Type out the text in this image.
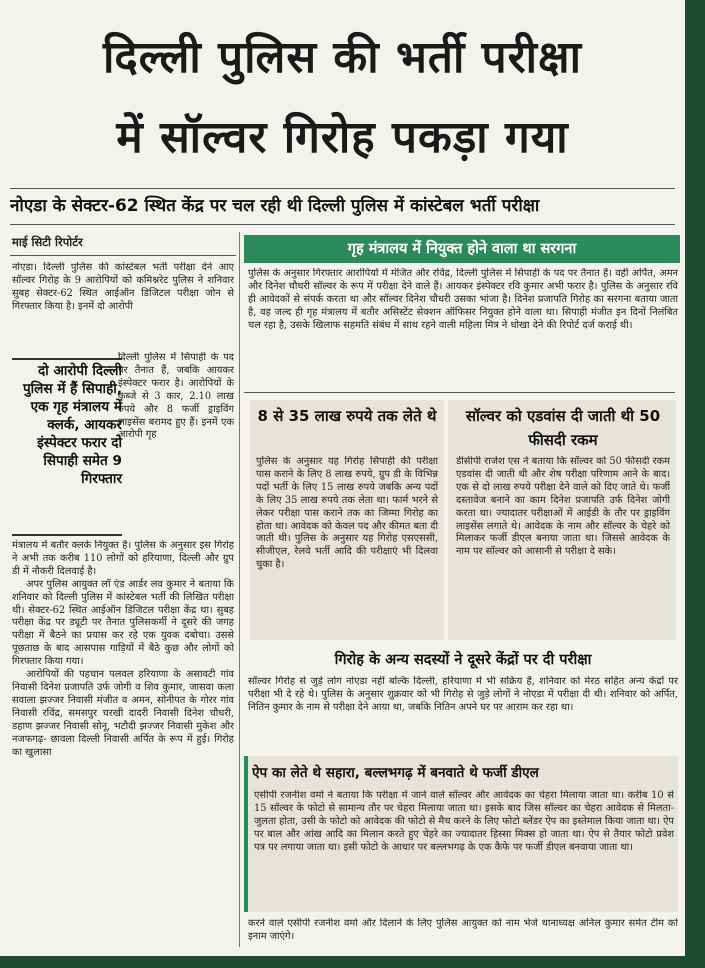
दिल्ली पुलिस की भर्ती परीक्षा
में सॉल्वर गिरोह पकड़ा गया
नोएडा के सेक्टर-62 स्थित केंद्र पर चल रही थी दिल्ली पुलिस में कांस्टेबल भर्ती परीक्षा
माई सिटी रिपोर्टर

नोएडा। दिल्ली पुलिस की कांस्टेबल भर्ती परीक्षा देने आए सॉल्वर गिरोह के 9 आरोपियों को कमिश्नरेट पुलिस ने शनिवार सुबह सेक्टर-62 स्थित आईऑन डिजिटल परीक्षा जोन से गिरफ्तार किया है। इनमें दो आरोपी

दो आरोपी दिल्ली पुलिस में हैं सिपाही, एक गृह मंत्रालय में क्लर्क, आयकर इंस्पेक्टर फरार दो सिपाही समेत 9 गिरफ्तार

दिल्ली पुलिस में सिपाही के पद पर तैनात हैं, जबकि आयकर इंस्पेक्टर फरार है। आरोपियों के कब्जे से 3 कार, 2.10 लाख रुपये और 8 फर्जी ड्राइविंग लाइसेंस बरामद हुए हैं। इनमें एक आरोपी गृह

मंत्रालय में बतौर क्लर्क नियुक्त है। पुलिस के अनुसार इस गिरोह ने अभी तक करीब 110 लोगों को हरियाणा, दिल्ली और ग्रुप डी में नौकरी दिलवाई है।

अपर पुलिस आयुक्त लॉ एंड आर्डर लव कुमार ने बताया कि शनिवार को दिल्ली पुलिस में कांस्टेबल भर्ती की लिखित परीक्षा थी। सेक्टर-62 स्थित आईऑन डिजिटल परीक्षा केंद्र था। सुबह परीक्षा केंद्र पर ड्यूटी पर तैनात पुलिसकर्मी ने दूसरे की जगह परीक्षा में बैठने का प्रयास कर रहे एक युवक दबोचा। उससे पूछताछ के बाद आसपास गाड़ियों में बैठे कुछ और लोगों को गिरफ्तार किया गया।

आरोपियों की पहचान पलवल हरियाणा के असावटी गांव निवासी दिनेश प्रजापति उर्फ जोगी व शिव कुमार, जासवा कला सवाला झज्जर निवासी मंजीत व अमन, सोनीपत के गोरर गांव निवासी रविंद्र, समसपुर चरखी दादरी निवासी दिनेश चौधरी, डहाण झज्जर निवासी सोनू, भटौदी झज्जर निवासी मुकेश और नजफगढ़- छावला दिल्ली निवासी अर्पित के रूप में हुई। गिरोह का खुलासा

गृह मंत्रालय में नियुक्त होने वाला था सरगना

पुलिस के अनुसार गिरफ्तार आरोपियों में मंजित और रविंद्र, दिल्ली पुलिस में सिपाही के पद पर तैनात हैं। वहीं अर्पित, अमन और दिनेश चौधरी सॉल्वर के रूप में परीक्षा देने वाले हैं। आयकर इंस्पेक्टर रवि कुमार अभी फरार है। पुलिस के अनुसार रवि ही आवेदकों से संपर्क करता था और सॉल्वर दिनेश चौधरी उसका भांजा है। दिनेश प्रजापति गिरोह का सरगना बताया जाता है, वह जल्द ही गृह मंत्रालय में बतौर असिस्टेंट सेक्शन ऑफिसर नियुक्त होने वाला था। सिपाही मंजीत इन दिनों निलंबित चल रहा है, उसके खिलाफ सहमति संबंध में साथ रहने वाली महिला मित्र ने धोखा देने की रिपोर्ट दर्ज कराई थी।

8 से 35 लाख रुपये तक लेते थे	सॉल्वर को एडवांस दी जाती थी 50 फीसदी रकम

पुलिस के अनुसार यह गिरोह सिपाही की परीक्षा पास कराने के लिए 8 लाख रुपये, ग्रुप डी के विभिन्न पदों भर्ती के लिए 15 लाख रुपये जबकि अन्य पदों के लिए 35 लाख रुपये तक लेता था। फार्म भरने से लेकर परीक्षा पास कराने तक का जिम्मा गिरोह का होता था। आवेदक को केवल पद और कीमत बता दी जाती थी। पुलिस के अनुसार यह गिरोह एसएससी, सीजीएल, रेलवे भर्ती आदि की परीक्षाएं भी दिलवा चुका है।

डीसीपी राजेश एस ने बताया कि सॉल्वर को 50 फीसदी रकम एडवांस दी जाती थी और शेष परीक्षा परिणाम आने के बाद। एक से दो लाख रुपये परीक्षा देने वाले को दिए जाते थे। फर्जी दस्तावेज बनाने का काम दिनेश प्रजापति उर्फ दिनेश जोगी करता था। ज्यादातर परीक्षाओं में आईडी के तौर पर ड्राइविंग लाइसेंस लगाते थे। आवेदक के नाम और सॉल्वर के चेहरे को मिलाकर फर्जी डीएल बनाया जाता था। जिससे आवेदक के नाम पर सॉल्वर को आसानी से परीक्षा दे सके।

गिरोह के अन्य सदस्यों ने दूसरे केंद्रों पर दी परीक्षा

सॉल्वर गिरोह से जुड़े लोग नोएडा नहीं बल्कि दिल्ली, हरियाणा में भी सक्रिय हैं, शनिवार को मेरठ सहित अन्य केंद्रों पर परीक्षा भी दे रहे थे। पुलिस के अनुसार शुक्रवार को भी गिरोह से जुड़े लोगों ने नोएडा में परीक्षा दी थी। शनिवार को अर्पित, नितिन कुमार के नाम से परीक्षा देने आया था, जबकि नितिन अपने घर पर आराम कर रहा था।

ऐप का लेते थे सहारा, बल्लभगढ़ में बनवाते थे फर्जी डीएल

एसीपी रजनीश वर्मा ने बताया कि परीक्षा में जाने वाले सॉल्वर और आवेदक का चेहरा मिलाया जाता था। करीब 10 से 15 सॉल्वर के फोटो से सामान्य तौर पर चेहरा मिलाया जाता था। इसके बाद जिस सॉल्वर का चेहरा आवेदक से मिलता-जुलता होता, उसी के फोटो को आवेदक की फोटो से मैच करने के लिए फोटो ब्लेंडर ऐप का इस्तेमाल किया जाता था। ऐप पर बाल और आंख आदि का मिलान करते हुए चेहरे का ज्यादातर हिस्सा मिक्स हो जाता था। ऐप से तैयार फोटो प्रवेश पत्र पर लगाया जाता था। इसी फोटो के आधार पर बल्लभगढ़ के एक कैफे पर फर्जी डीएल बनवाया जाता था।

करने वाले एसीपी रजनीश वर्मा और दिलाने के लिए पुलिस आयुक्त को नाम भेजे थानाध्यक्ष अनिल कुमार समेत टीम को इनाम जाएंगे।
